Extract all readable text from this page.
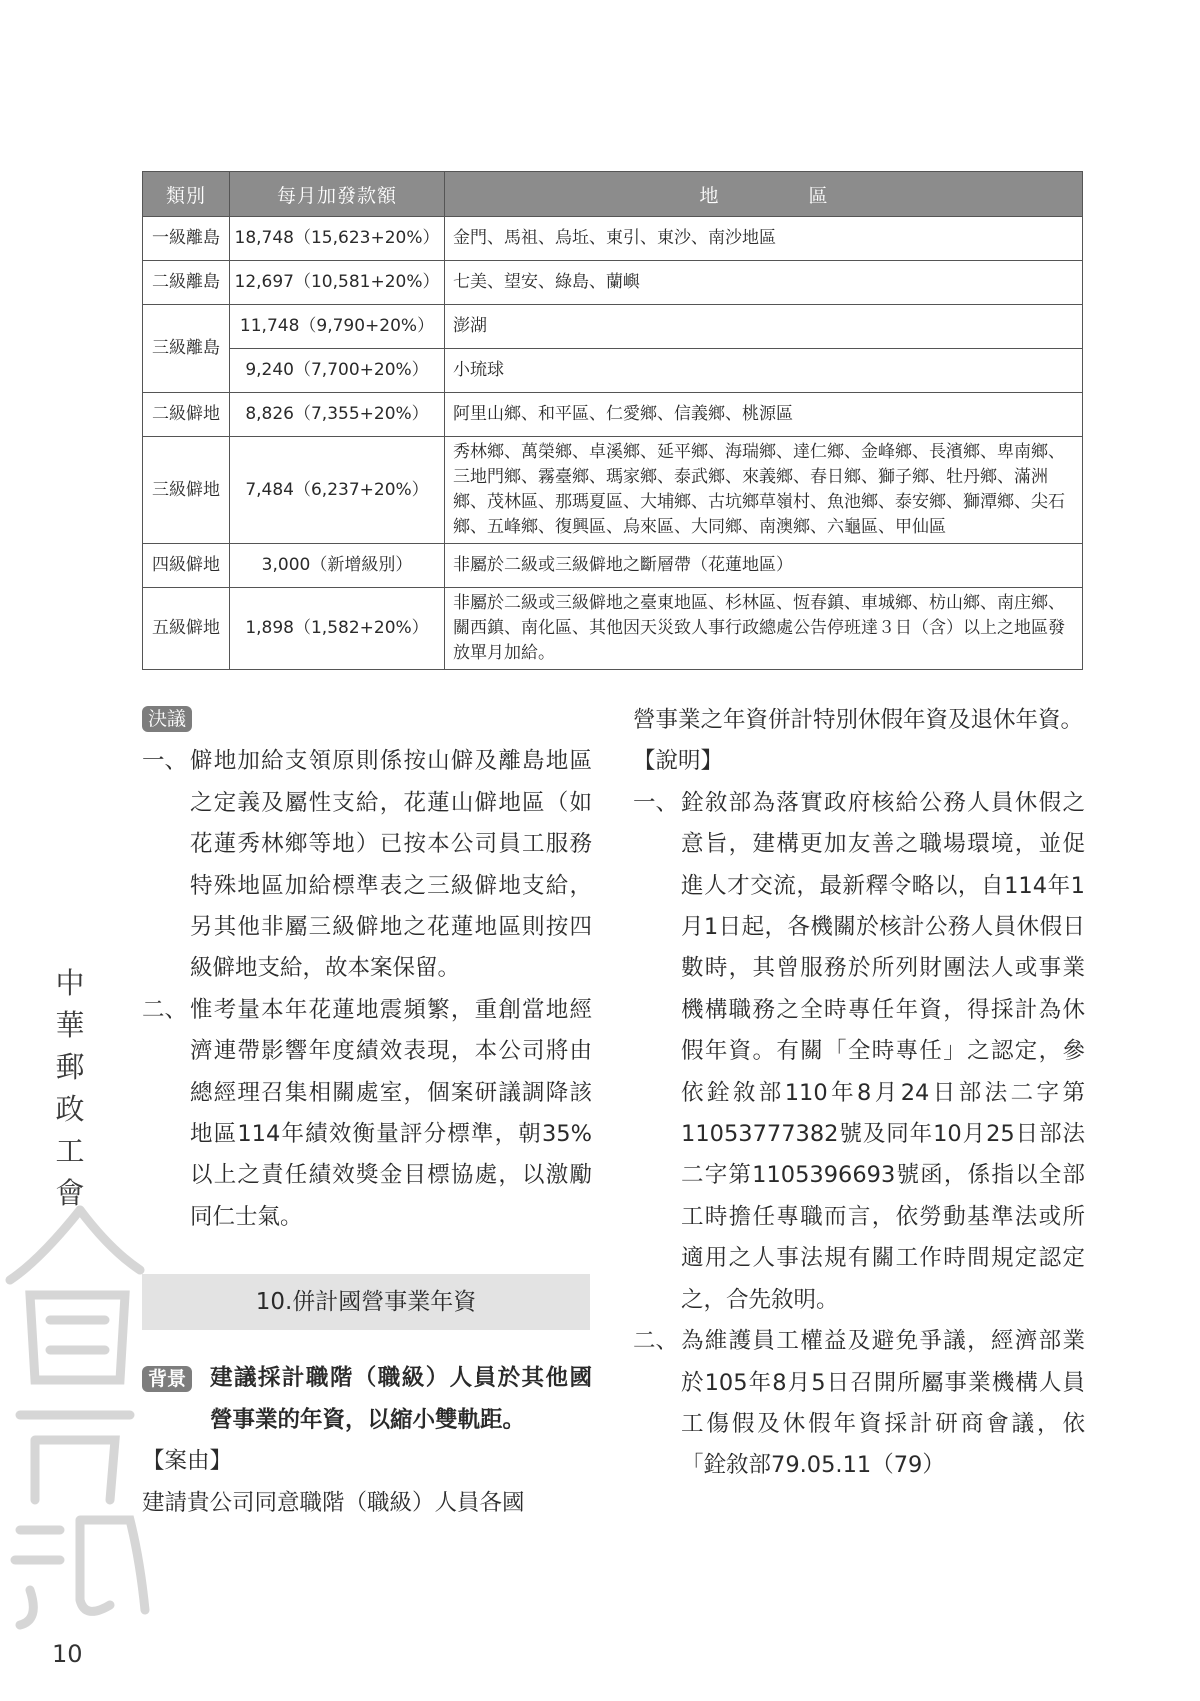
類別	每月加發款額	地 區
一級離島	18,748（15,623+20%）	金門、馬祖、烏坵、東引、東沙、南沙地區
二級離島	12,697（10,581+20%）	七美、望安、綠島、蘭嶼
三級離島	11,748（9,790+20%）	澎湖
	9,240（7,700+20%）	小琉球
二級僻地	8,826（7,355+20%）	阿里山鄉、和平區、仁愛鄉、信義鄉、桃源區
三級僻地	7,484（6,237+20%）	秀林鄉、萬榮鄉、卓溪鄉、延平鄉、海瑞鄉、達仁鄉、金峰鄉、長濱鄉、卑南鄉、三地門鄉、霧臺鄉、瑪家鄉、泰武鄉、來義鄉、春日鄉、獅子鄉、牡丹鄉、滿洲鄉、茂林區、那瑪夏區、大埔鄉、古坑鄉草嶺村、魚池鄉、泰安鄉、獅潭鄉、尖石鄉、五峰鄉、復興區、烏來區、大同鄉、南澳鄉、六龜區、甲仙區
四級僻地	3,000（新增級別）	非屬於二級或三級僻地之斷層帶（花蓮地區）
五級僻地	1,898（1,582+20%）	非屬於二級或三級僻地之臺東地區、杉林區、恆春鎮、車城鄉、枋山鄉、南庄鄉、關西鎮、南化區、其他因天災致人事行政總處公告停班達３日（含）以上之地區發放單月加給。
決議
一、 僻地加給支領原則係按山僻及離島地區之定義及屬性支給，花蓮山僻地區（如花蓮秀林鄉等地）已按本公司員工服務特殊地區加給標準表之三級僻地支給，另其他非屬三級僻地之花蓮地區則按四級僻地支給，故本案保留。
二、 惟考量本年花蓮地震頻繁，重創當地經濟連帶影響年度績效表現，本公司將由總經理召集相關處室，個案研議調降該地區114年績效衡量評分標準，朝35%以上之責任績效獎金目標協處，以激勵同仁士氣。
10.併計國營事業年資
背景 建議採計職階（職級）人員於其他國營事業的年資，以縮小雙軌距。
【案由】
建請貴公司同意職階（職級）人員各國
營事業之年資併計特別休假年資及退休年資。
【說明】
一、 銓敘部為落實政府核給公務人員休假之意旨，建構更加友善之職場環境，並促進人才交流，最新釋令略以，自114年1月1日起，各機關於核計公務人員休假日數時，其曾服務於所列財團法人或事業機構職務之全時專任年資，得採計為休假年資。有關「全時專任」之認定，參依銓敘部110年8月24日部法二字第11053777382號及同年10月25日部法二字第1105396693號函，係指以全部工時擔任專職而言，依勞動基準法或所適用之人事法規有關工作時間規定認定之，合先敘明。
二、 為維護員工權益及避免爭議，經濟部業於105年8月5日召開所屬事業機構人員工傷假及休假年資採計研商會議，依「銓敘部79.05.11（79）
中華郵政工會
10
